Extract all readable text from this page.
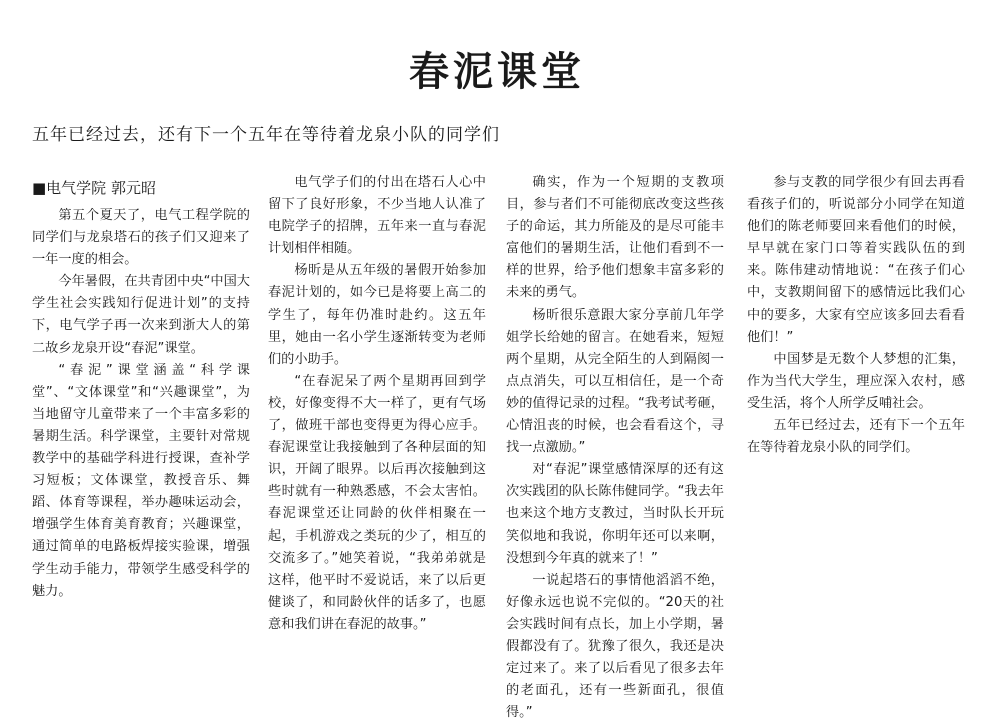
春泥课堂
五年已经过去，还有下一个五年在等待着龙泉小队的同学们

■电气学院 郭元昭

第五个夏天了，电气工程学院的同学们与龙泉塔石的孩子们又迎来了一年一度的相会。

今年暑假，在共青团中央“中国大学生社会实践知行促进计划”的支持下，电气学子再一次来到浙大人的第二故乡龙泉开设“春泥”课堂。

“春泥”课堂涵盖“科学课堂”、“文体课堂”和“兴趣课堂”，为当地留守儿童带来了一个丰富多彩的暑期生活。科学课堂，主要针对常规教学中的基础学科进行授课，查补学习短板；文体课堂，教授音乐、舞蹈、体育等课程，举办趣味运动会，增强学生体育美育教育；兴趣课堂，通过简单的电路板焊接实验课，增强学生动手能力，带领学生感受科学的魅力。

电气学子们的付出在塔石人心中留下了良好形象，不少当地人认准了电院学子的招牌，五年来一直与春泥计划相伴相随。

杨昕是从五年级的暑假开始参加春泥计划的，如今已是将要上高二的学生了，每年仍准时赴约。这五年里，她由一名小学生逐渐转变为老师们的小助手。

“在春泥呆了两个星期再回到学校，好像变得不大一样了，更有气场了，做班干部也变得更为得心应手。春泥课堂让我接触到了各种层面的知识，开阔了眼界。以后再次接触到这些时就有一种熟悉感，不会太害怕。春泥课堂还让同龄的伙伴相聚在一起，手机游戏之类玩的少了，相互的交流多了。”她笑着说，“我弟弟就是这样，他平时不爱说话，来了以后更健谈了，和同龄伙伴的话多了，也愿意和我们讲在春泥的故事。”

确实，作为一个短期的支教项目，参与者们不可能彻底改变这些孩子的命运，其力所能及的是尽可能丰富他们的暑期生活，让他们看到不一样的世界，给予他们想象丰富多彩的未来的勇气。

杨昕很乐意跟大家分享前几年学姐学长给她的留言。在她看来，短短两个星期，从完全陌生的人到隔阂一点点消失，可以互相信任，是一个奇妙的值得记录的过程。“我考试考砸，心情沮丧的时候，也会看看这个，寻找一点激励。”

对“春泥”课堂感情深厚的还有这次实践团的队长陈伟健同学。“我去年也来这个地方支教过，当时队长开玩笑似地和我说，你明年还可以来啊，没想到今年真的就来了！”

一说起塔石的事情他滔滔不绝，好像永远也说不完似的。“20天的社会实践时间有点长，加上小学期，暑假都没有了。犹豫了很久，我还是决定过来了。来了以后看见了很多去年的老面孔，还有一些新面孔，很值得。”

参与支教的同学很少有回去再看看孩子们的，听说部分小同学在知道他们的陈老师要回来看他们的时候，早早就在家门口等着实践队伍的到来。陈伟建动情地说：“在孩子们心中，支教期间留下的感情远比我们心中的要多，大家有空应该多回去看看他们！”

中国梦是无数个人梦想的汇集，作为当代大学生，理应深入农村，感受生活，将个人所学反哺社会。

五年已经过去，还有下一个五年在等待着龙泉小队的同学们。
